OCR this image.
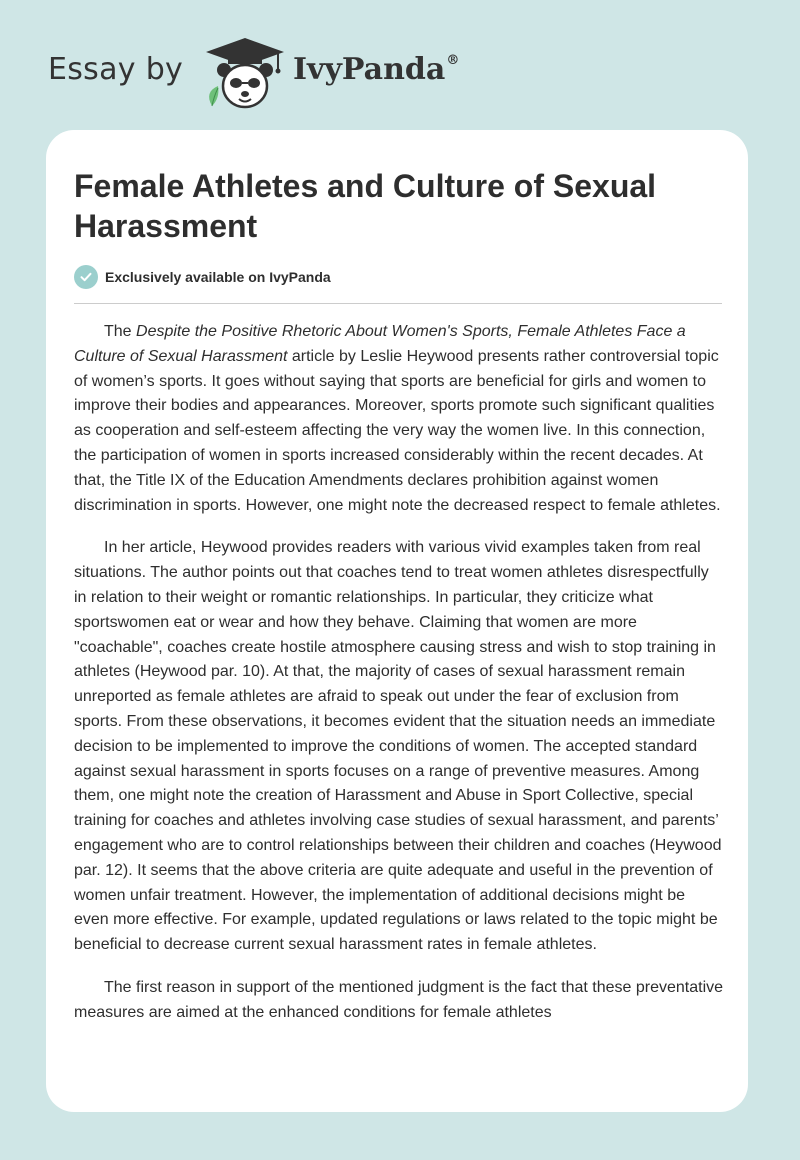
Essay by	IvyPanda®
Female Athletes and Culture of Sexual Harassment
Exclusively available on IvyPanda

The Despite the Positive Rhetoric About Women's Sports, Female Athletes Face a Culture of Sexual Harassment article by Leslie Heywood presents rather controversial topic of women’s sports. It goes without saying that sports are beneficial for girls and women to improve their bodies and appearances. Moreover, sports promote such significant qualities as cooperation and self-esteem affecting the very way the women live. In this connection, the participation of women in sports increased considerably within the recent decades. At that, the Title IX of the Education Amendments declares prohibition against women discrimination in sports. However, one might note the decreased respect to female athletes.

In her article, Heywood provides readers with various vivid examples taken from real situations. The author points out that coaches tend to treat women athletes disrespectfully in relation to their weight or romantic relationships. In particular, they criticize what sportswomen eat or wear and how they behave. Claiming that women are more "coachable", coaches create hostile atmosphere causing stress and wish to stop training in athletes (Heywood par. 10). At that, the majority of cases of sexual harassment remain unreported as female athletes are afraid to speak out under the fear of exclusion from sports. From these observations, it becomes evident that the situation needs an immediate decision to be implemented to improve the conditions of women. The accepted standard against sexual harassment in sports focuses on a range of preventive measures. Among them, one might note the creation of Harassment and Abuse in Sport Collective, special training for coaches and athletes involving case studies of sexual harassment, and parents’ engagement who are to control relationships between their children and coaches (Heywood par. 12). It seems that the above criteria are quite adequate and useful in the prevention of women unfair treatment. However, the implementation of additional decisions might be even more effective. For example, updated regulations or laws related to the topic might be beneficial to decrease current sexual harassment rates in female athletes.

The first reason in support of the mentioned judgment is the fact that these preventative measures are aimed at the enhanced conditions for female athletes
